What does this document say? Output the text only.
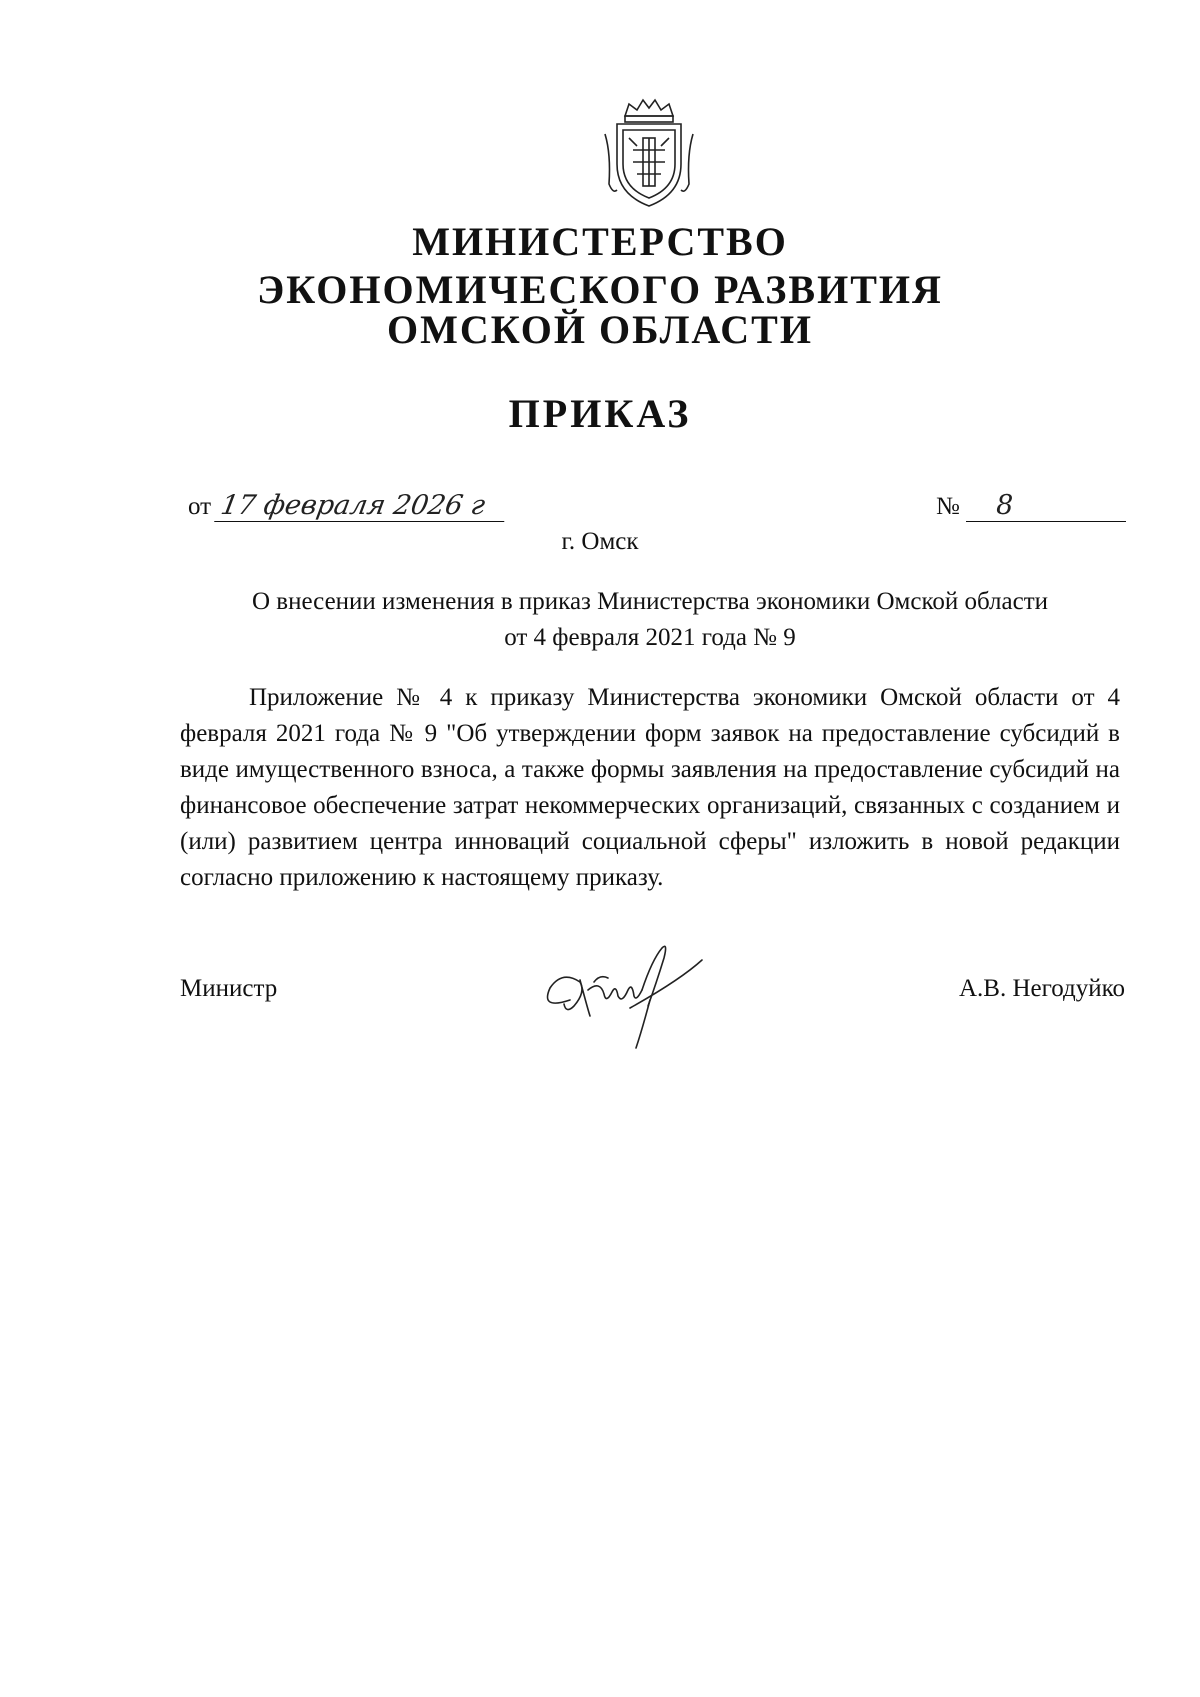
МИНИСТЕРСТВО
ЭКОНОМИЧЕСКОГО РАЗВИТИЯ
ОМСКОЙ ОБЛАСТИ
ПРИКАЗ
от 17 февраля 2026 г	№ 8
г. Омск
О внесении изменения в приказ Министерства экономики Омской области
от 4 февраля 2021 года № 9
Приложение № 4 к приказу Министерства экономики Омской области от 4 февраля 2021 года № 9 "Об утверждении форм заявок на предоставление субсидий в виде имущественного взноса, а также формы заявления на предоставление субсидий на финансовое обеспечение затрат некоммерческих организаций, связанных с созданием и (или) развитием центра инноваций социальной сферы" изложить в новой редакции согласно приложению к настоящему приказу.
Министр	А.В. Негодуйко
